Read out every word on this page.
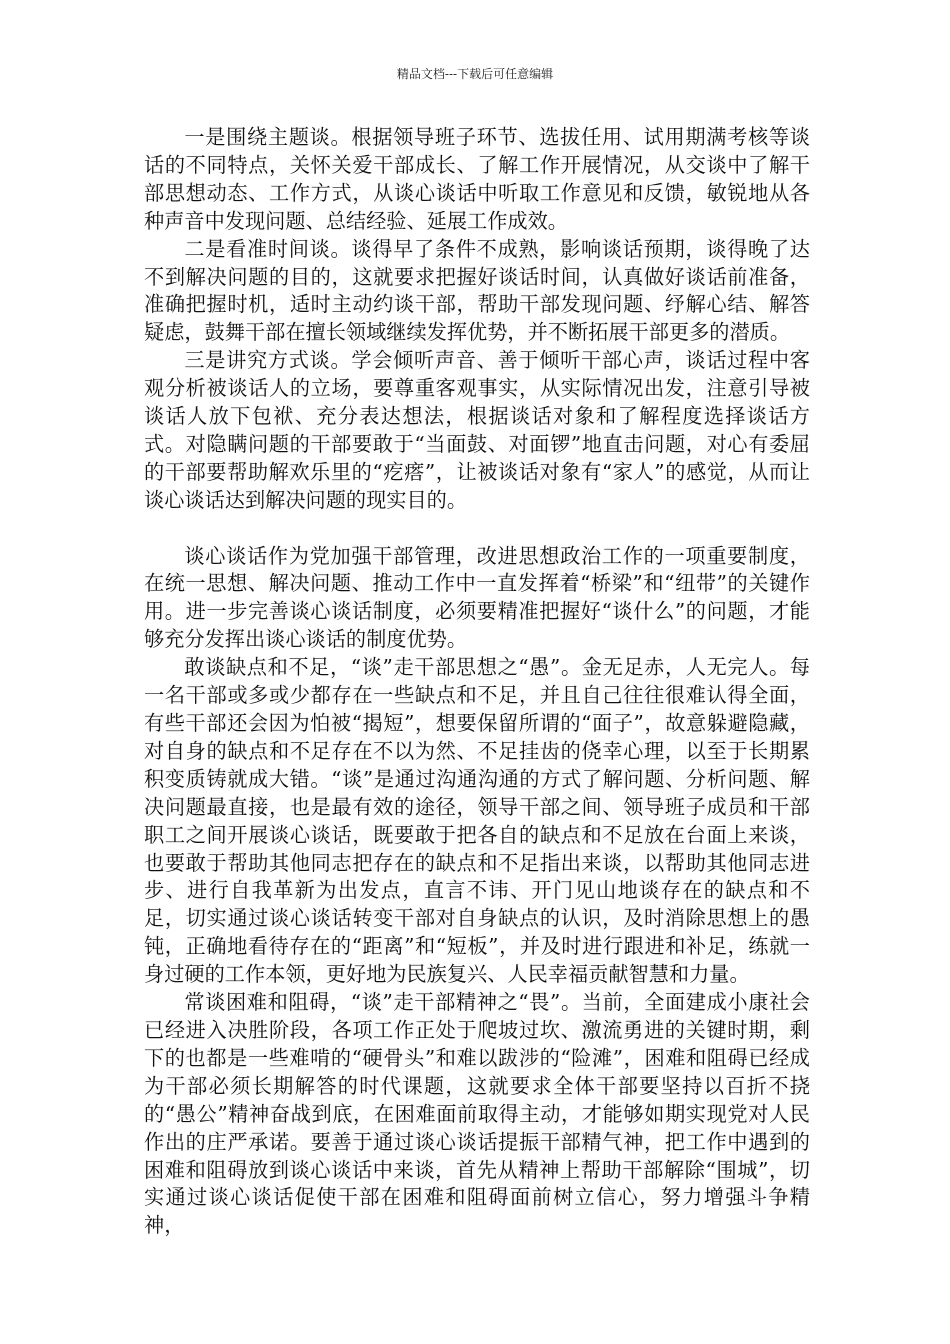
精品文档---下载后可任意编辑

一是围绕主题谈。根据领导班子环节、选拔任用、试用期满考核等谈话的不同特点，关怀关爱干部成长、了解工作开展情况，从交谈中了解干部思想动态、工作方式，从谈心谈话中听取工作意见和反馈，敏锐地从各种声音中发现问题、总结经验、延展工作成效。

二是看准时间谈。谈得早了条件不成熟，影响谈话预期，谈得晚了达不到解决问题的目的，这就要求把握好谈话时间，认真做好谈话前准备，准确把握时机，适时主动约谈干部，帮助干部发现问题、纾解心结、解答疑虑，鼓舞干部在擅长领域继续发挥优势，并不断拓展干部更多的潜质。

三是讲究方式谈。学会倾听声音、善于倾听干部心声，谈话过程中客观分析被谈话人的立场，要尊重客观事实，从实际情况出发，注意引导被谈话人放下包袱、充分表达想法，根据谈话对象和了解程度选择谈话方式。对隐瞒问题的干部要敢于“当面鼓、对面锣”地直击问题，对心有委屈的干部要帮助解欢乐里的“疙瘩”，让被谈话对象有“家人”的感觉，从而让谈心谈话达到解决问题的现实目的。

谈心谈话作为党加强干部管理，改进思想政治工作的一项重要制度，在统一思想、解决问题、推动工作中一直发挥着“桥梁”和“纽带”的关键作用。进一步完善谈心谈话制度，必须要精准把握好“谈什么”的问题，才能够充分发挥出谈心谈话的制度优势。

敢谈缺点和不足，“谈”走干部思想之“愚”。金无足赤，人无完人。每一名干部或多或少都存在一些缺点和不足，并且自己往往很难认得全面，有些干部还会因为怕被“揭短”，想要保留所谓的“面子”，故意躲避隐藏，对自身的缺点和不足存在不以为然、不足挂齿的侥幸心理，以至于长期累积变质铸就成大错。“谈”是通过沟通沟通的方式了解问题、分析问题、解决问题最直接，也是最有效的途径，领导干部之间、领导班子成员和干部职工之间开展谈心谈话，既要敢于把各自的缺点和不足放在台面上来谈，也要敢于帮助其他同志把存在的缺点和不足指出来谈，以帮助其他同志进步、进行自我革新为出发点，直言不讳、开门见山地谈存在的缺点和不足，切实通过谈心谈话转变干部对自身缺点的认识，及时消除思想上的愚钝，正确地看待存在的“距离”和“短板”，并及时进行跟进和补足，练就一身过硬的工作本领，更好地为民族复兴、人民幸福贡献智慧和力量。

常谈困难和阻碍，“谈”走干部精神之“畏”。当前，全面建成小康社会已经进入决胜阶段，各项工作正处于爬坡过坎、激流勇进的关键时期，剩下的也都是一些难啃的“硬骨头”和难以跋涉的“险滩”，困难和阻碍已经成为干部必须长期解答的时代课题，这就要求全体干部要坚持以百折不挠的“愚公”精神奋战到底，在困难面前取得主动，才能够如期实现党对人民作出的庄严承诺。要善于通过谈心谈话提振干部精气神，把工作中遇到的困难和阻碍放到谈心谈话中来谈，首先从精神上帮助干部解除“围城”，切实通过谈心谈话促使干部在困难和阻碍面前树立信心，努力增强斗争精神，
